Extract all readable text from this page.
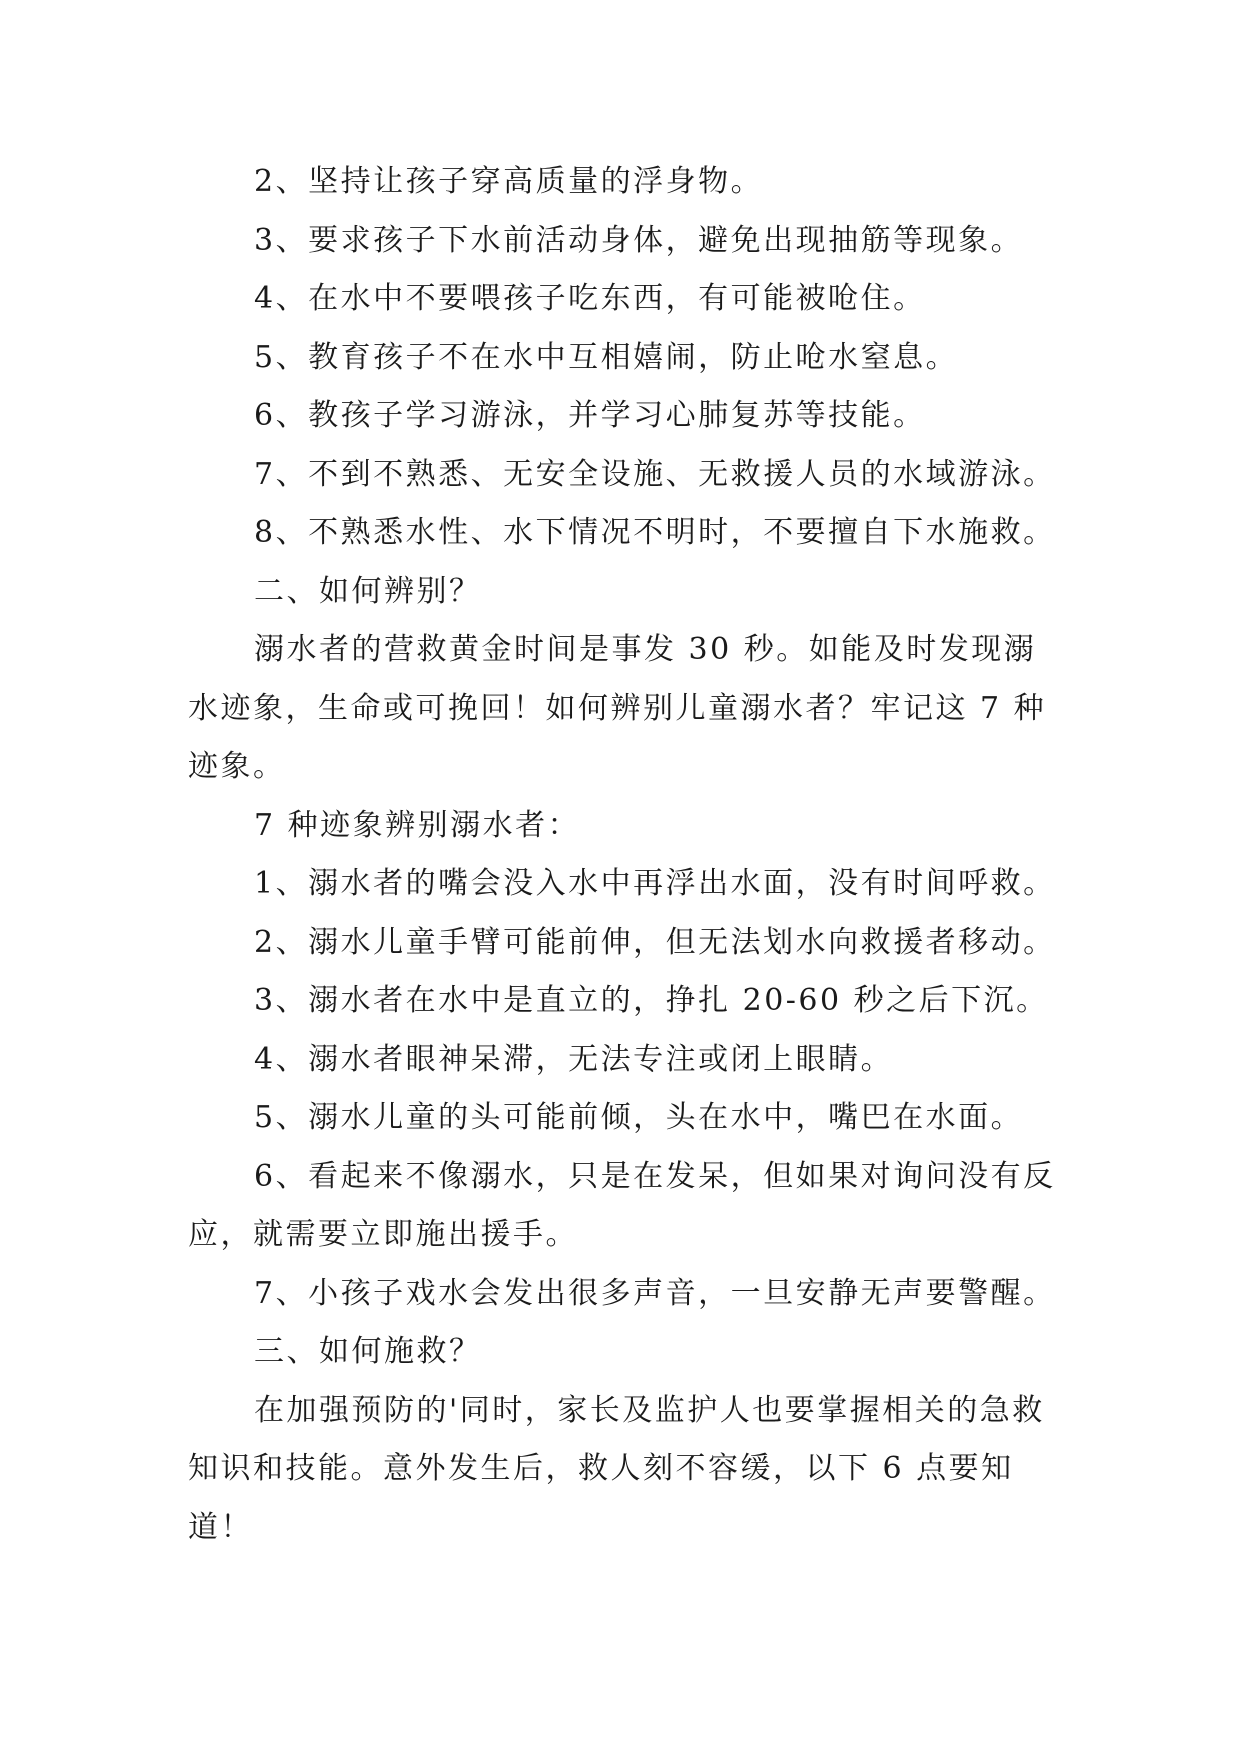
2、坚持让孩子穿高质量的浮身物。

3、要求孩子下水前活动身体，避免出现抽筋等现象。

4、在水中不要喂孩子吃东西，有可能被呛住。

5、教育孩子不在水中互相嬉闹，防止呛水窒息。

6、教孩子学习游泳，并学习心肺复苏等技能。

7、不到不熟悉、无安全设施、无救援人员的水域游泳。

8、不熟悉水性、水下情况不明时，不要擅自下水施救。

二、如何辨别？

溺水者的营救黄金时间是事发 30 秒。如能及时发现溺水迹象，生命或可挽回！如何辨别儿童溺水者？牢记这 7 种迹象。

7 种迹象辨别溺水者：

1、溺水者的嘴会没入水中再浮出水面，没有时间呼救。

2、溺水儿童手臂可能前伸，但无法划水向救援者移动。

3、溺水者在水中是直立的，挣扎 20-60 秒之后下沉。

4、溺水者眼神呆滞，无法专注或闭上眼睛。

5、溺水儿童的头可能前倾，头在水中，嘴巴在水面。

6、看起来不像溺水，只是在发呆，但如果对询问没有反应，就需要立即施出援手。

7、小孩子戏水会发出很多声音，一旦安静无声要警醒。

三、如何施救？

在加强预防的'同时，家长及监护人也要掌握相关的急救知识和技能。意外发生后，救人刻不容缓，以下 6 点要知道！
